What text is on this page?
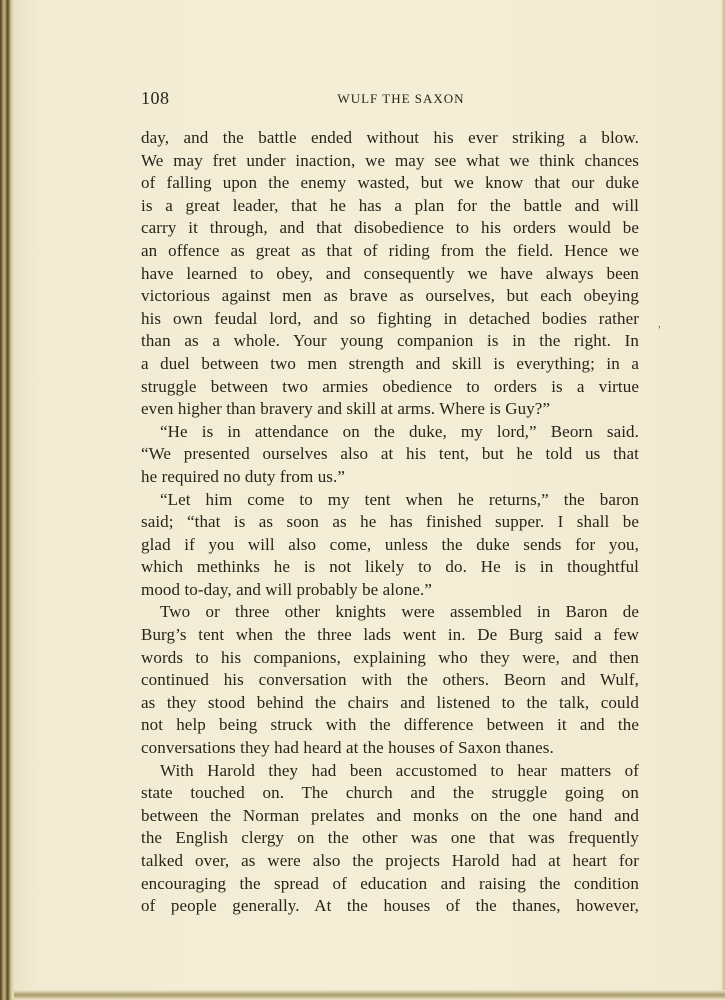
108	WULF THE SAXON
day, and the battle ended without his ever striking a blow.
We may fret under inaction, we may see what we think chances
of falling upon the enemy wasted, but we know that our duke
is a great leader, that he has a plan for the battle and will
carry it through, and that disobedience to his orders would be
an offence as great as that of riding from the field. Hence we
have learned to obey, and consequently we have always been
victorious against men as brave as ourselves, but each obeying
his own feudal lord, and so fighting in detached bodies rather
than as a whole. Your young companion is in the right. In
a duel between two men strength and skill is everything; in a
struggle between two armies obedience to orders is a virtue
even higher than bravery and skill at arms. Where is Guy?”
“He is in attendance on the duke, my lord,” Beorn said.
“We presented ourselves also at his tent, but he told us that
he required no duty from us.”
“Let him come to my tent when he returns,” the baron
said; “that is as soon as he has finished supper. I shall be
glad if you will also come, unless the duke sends for you,
which methinks he is not likely to do. He is in thoughtful
mood to-day, and will probably be alone.”
Two or three other knights were assembled in Baron de
Burg’s tent when the three lads went in. De Burg said a few
words to his companions, explaining who they were, and then
continued his conversation with the others. Beorn and Wulf,
as they stood behind the chairs and listened to the talk, could
not help being struck with the difference between it and the
conversations they had heard at the houses of Saxon thanes.
With Harold they had been accustomed to hear matters of
state touched on. The church and the struggle going on
between the Norman prelates and monks on the one hand and
the English clergy on the other was one that was frequently
talked over, as were also the projects Harold had at heart for
encouraging the spread of education and raising the condition
of people generally. At the houses of the thanes, however,
,
